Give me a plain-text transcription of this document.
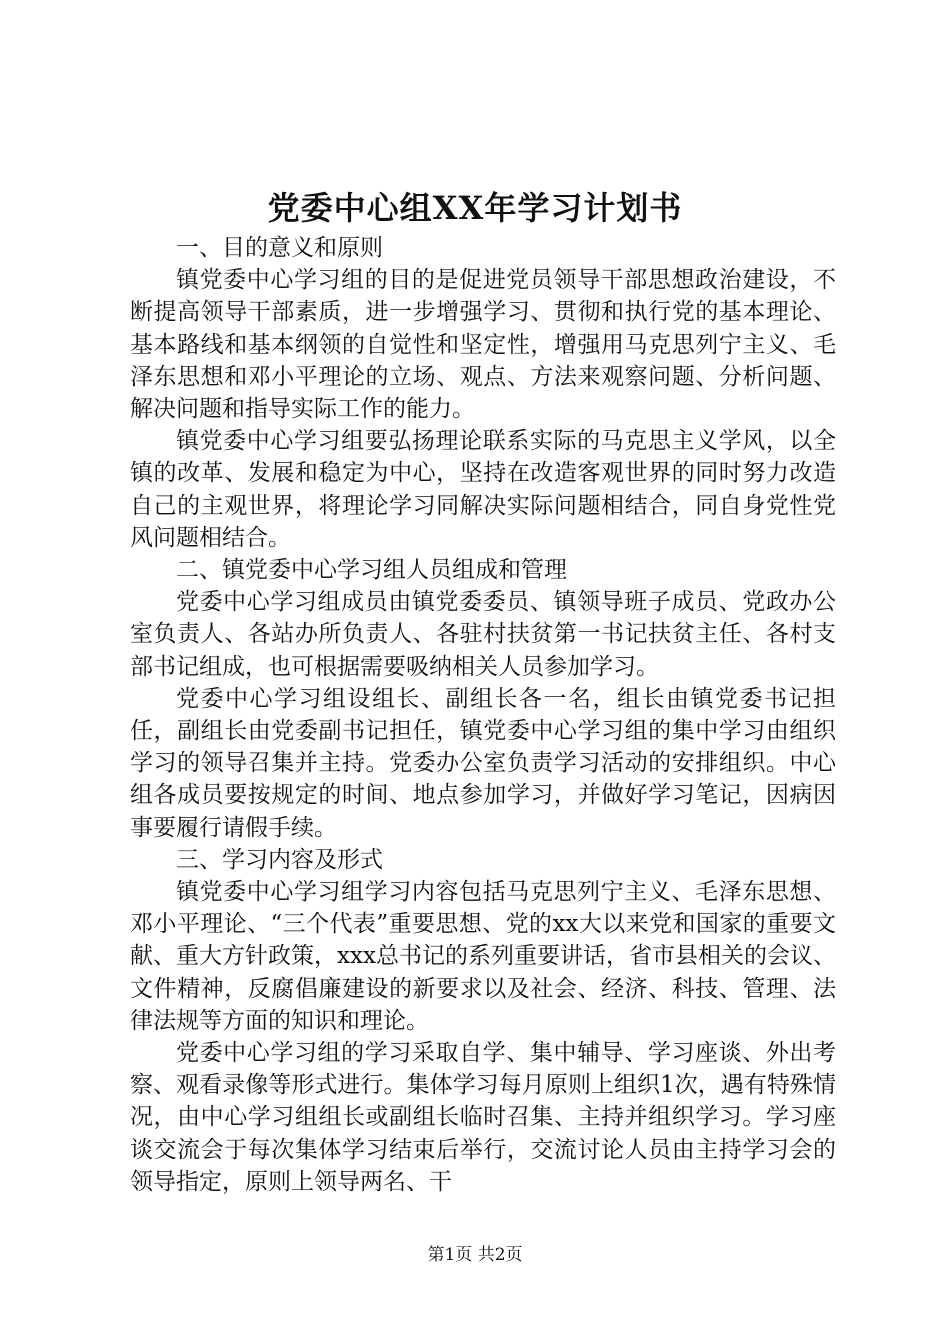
党委中心组XX年学习计划书

一、目的意义和原则

镇党委中心学习组的目的是促进党员领导干部思想政治建设，不断提高领导干部素质，进一步增强学习、贯彻和执行党的基本理论、基本路线和基本纲领的自觉性和坚定性，增强用马克思列宁主义、毛泽东思想和邓小平理论的立场、观点、方法来观察问题、分析问题、解决问题和指导实际工作的能力。

镇党委中心学习组要弘扬理论联系实际的马克思主义学风，以全镇的改革、发展和稳定为中心，坚持在改造客观世界的同时努力改造自己的主观世界，将理论学习同解决实际问题相结合，同自身党性党风问题相结合。

二、镇党委中心学习组人员组成和管理

党委中心学习组成员由镇党委委员、镇领导班子成员、党政办公室负责人、各站办所负责人、各驻村扶贫第一书记扶贫主任、各村支部书记组成，也可根据需要吸纳相关人员参加学习。

党委中心学习组设组长、副组长各一名，组长由镇党委书记担任，副组长由党委副书记担任，镇党委中心学习组的集中学习由组织学习的领导召集并主持。党委办公室负责学习活动的安排组织。中心组各成员要按规定的时间、地点参加学习，并做好学习笔记，因病因事要履行请假手续。

三、学习内容及形式

镇党委中心学习组学习内容包括马克思列宁主义、毛泽东思想、邓小平理论、“三个代表”重要思想、党的xx大以来党和国家的重要文献、重大方针政策，xxx总书记的系列重要讲话，省市县相关的会议、文件精神，反腐倡廉建设的新要求以及社会、经济、科技、管理、法律法规等方面的知识和理论。

党委中心学习组的学习采取自学、集中辅导、学习座谈、外出考察、观看录像等形式进行。集体学习每月原则上组织1次，遇有特殊情况，由中心学习组组长或副组长临时召集、主持并组织学习。学习座谈交流会于每次集体学习结束后举行，交流讨论人员由主持学习会的领导指定，原则上领导两名、干

第1页 共2页
